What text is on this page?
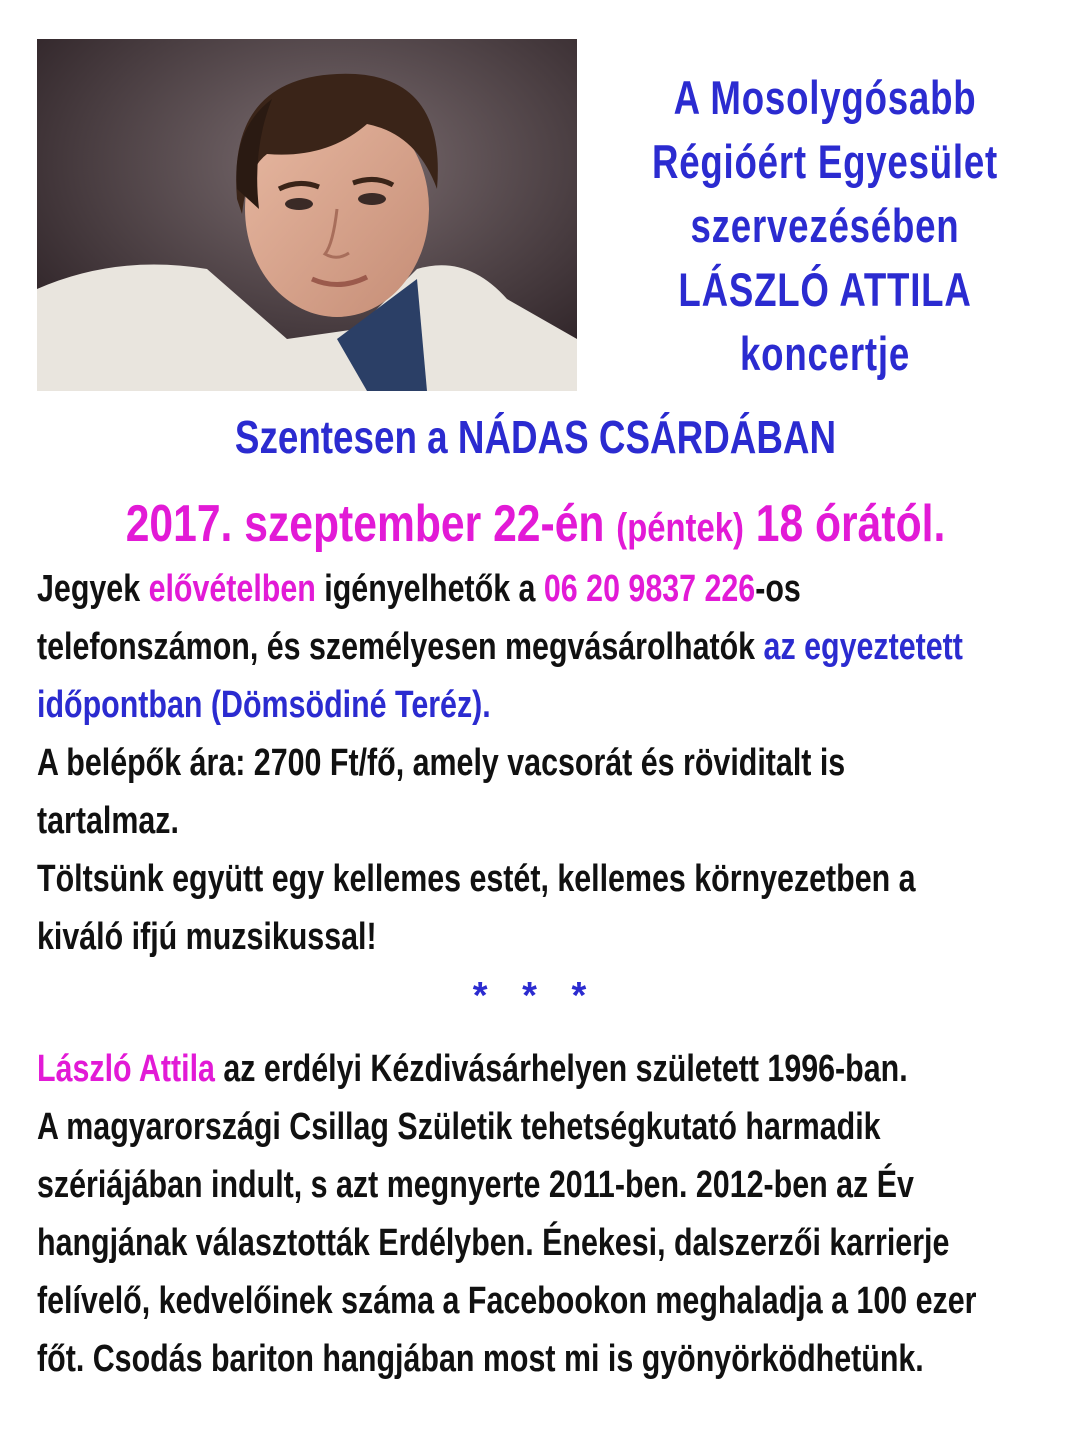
A Mosolygósabb
Régióért Egyesület
szervezésében
LÁSZLÓ ATTILA
koncertje
Szentesen a NÁDAS CSÁRDÁBAN
2017. szeptember 22-én (péntek) 18 órától.

Jegyek elővételben igényelhetők a 06 20 9837 226-os

telefonszámon, és személyesen megvásárolhatók az egyeztetett

időpontban (Dömsödiné Teréz).

A belépők ára: 2700 Ft/fő, amely vacsorát és röviditalt is

tartalmaz.

Töltsünk együtt egy kellemes estét, kellemes környezetben a

kiváló ifjú muzsikussal!

* * *

László Attila az erdélyi Kézdivásárhelyen született 1996-ban.

A magyarországi Csillag Születik tehetségkutató harmadik

szériájában indult, s azt megnyerte 2011-ben. 2012-ben az Év

hangjának választották Erdélyben. Énekesi, dalszerzői karrierje

felívelő, kedvelőinek száma a Facebookon meghaladja a 100 ezer

főt. Csodás bariton hangjában most mi is gyönyörködhetünk.
